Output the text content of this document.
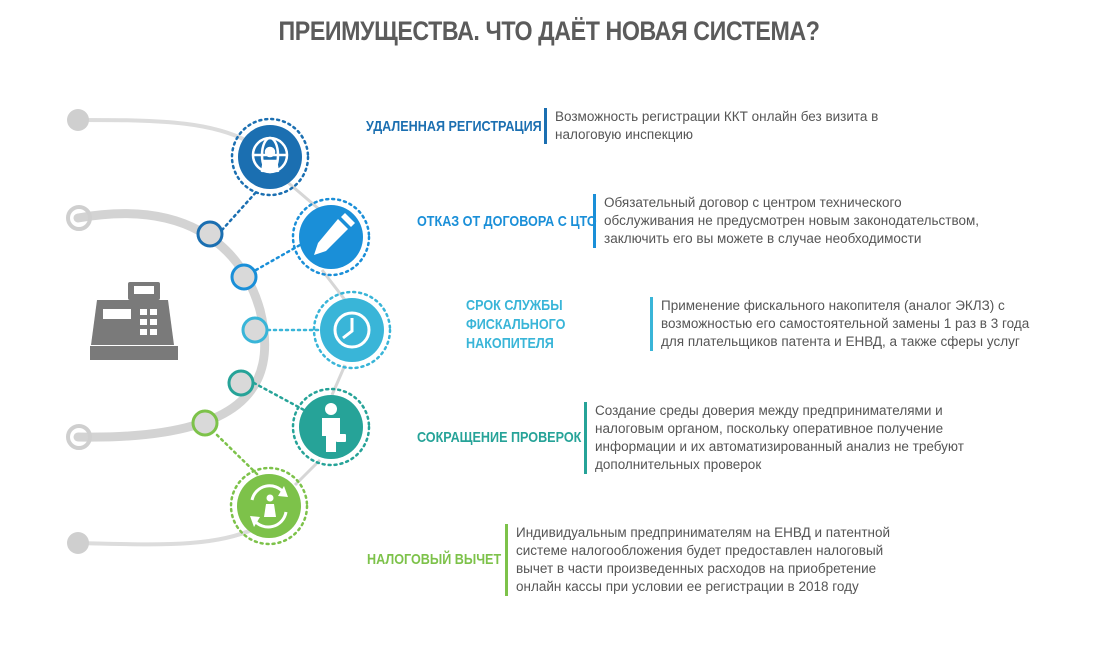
ПРЕИМУЩЕСТВА. ЧТО ДАЁТ НОВАЯ СИСТЕМА?
УДАЛЕННАЯ РЕГИСТРАЦИЯ
Возможность регистрации ККТ онлайн без визита в
налоговую инспекцию
ОТКАЗ ОТ ДОГОВОРА С ЦТО
Обязательный договор с центром технического
обслуживания не предусмотрен новым законодательством,
заключить его вы можете в случае необходимости
СРОК СЛУЖБЫ
ФИСКАЛЬНОГО
НАКОПИТЕЛЯ
Применение фискального накопителя (аналог ЭКЛЗ) с
возможностью его самостоятельной замены 1 раз в 3 года
для плательщиков патента и ЕНВД, а также сферы услуг
СОКРАЩЕНИЕ ПРОВЕРОК
Создание среды доверия между предпринимателями и
налоговым органом, поскольку оперативное получение
информации и их автоматизированный анализ не требуют
дополнительных проверок
НАЛОГОВЫЙ ВЫЧЕТ
Индивидуальным предпринимателям на ЕНВД и патентной
системе налогообложения будет предоставлен налоговый
вычет в части произведенных расходов на приобретение
онлайн кассы при условии ее регистрации в 2018 году
